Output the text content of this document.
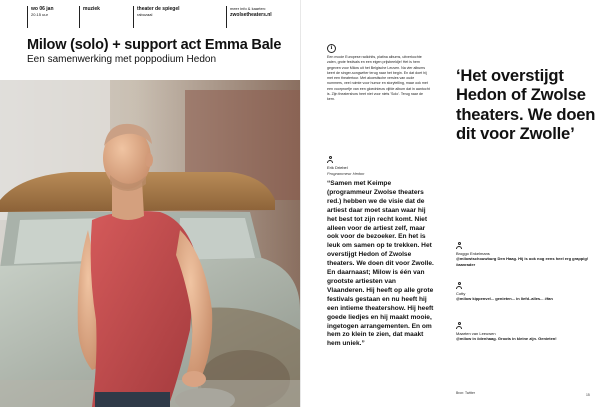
wo 06 jan
20.15 uur
muziek	theater de spiegel
rabozaal
meer info & kaarten:
zwolsetheaters.nl
Milow (solo) + support act Emma Bale
Een samenwerking met poppodium Hedon
i
Een mooie Europese radiohits, platina albums, uitverkochte zalen, grote festivals en een eigen prijsbeeldje! Het is hem gegeven voor Milow uit het Belgische Leuven. Na vier albums keert de singer-songwriter terug naar het begin. En dat doet hij met een theatertour. Met akoestische versies van oude nummers, veel ruimte voor humor en storytelling, maar ook met een voorproefje van een gloednieuw vijfde album dat in aantocht is. Zijn theatershow heet niet voor niets 'Solo'. Terug naar de kern.
Erik Driebel
Programmeur Hedon
“Samen met Keimpe (programmeur Zwolse theaters red.) hebben we de visie dat de artiest daar moet staan waar hij het best tot zijn recht komt. Niet alleen voor de artiest zelf, maar ook voor de bezoeker. En het is leuk om samen op te trekken. Het overstijgt Hedon of Zwolse theaters. We doen dit voor Zwolle. En daarnaast; Milow is één van grootste artiesten van Vlaanderen. Hij heeft op alle grote festivals gestaan en nu heeft hij een intieme theatershow. Hij heeft goede liedjes en hij maakt mooie, ingetogen arrangementen. En om hem zo klein te zien, dat maakt hem uniek.”
‘Het overstijgt Hedon of Zwolse theaters. We doen dit voor Zwolle’
Broggo Enkelmans
@milowtschouwburg Den Haag. Hij is ook nog eens heel erg grappig! #aanrader
Cotty
@milow kippenvel... genieten... in liefd..alles... #fan
Maarten van Leeuwen
@milow in #denhaag. Groots in kleine zijn. Genieten!
Bron: Twitter	15
